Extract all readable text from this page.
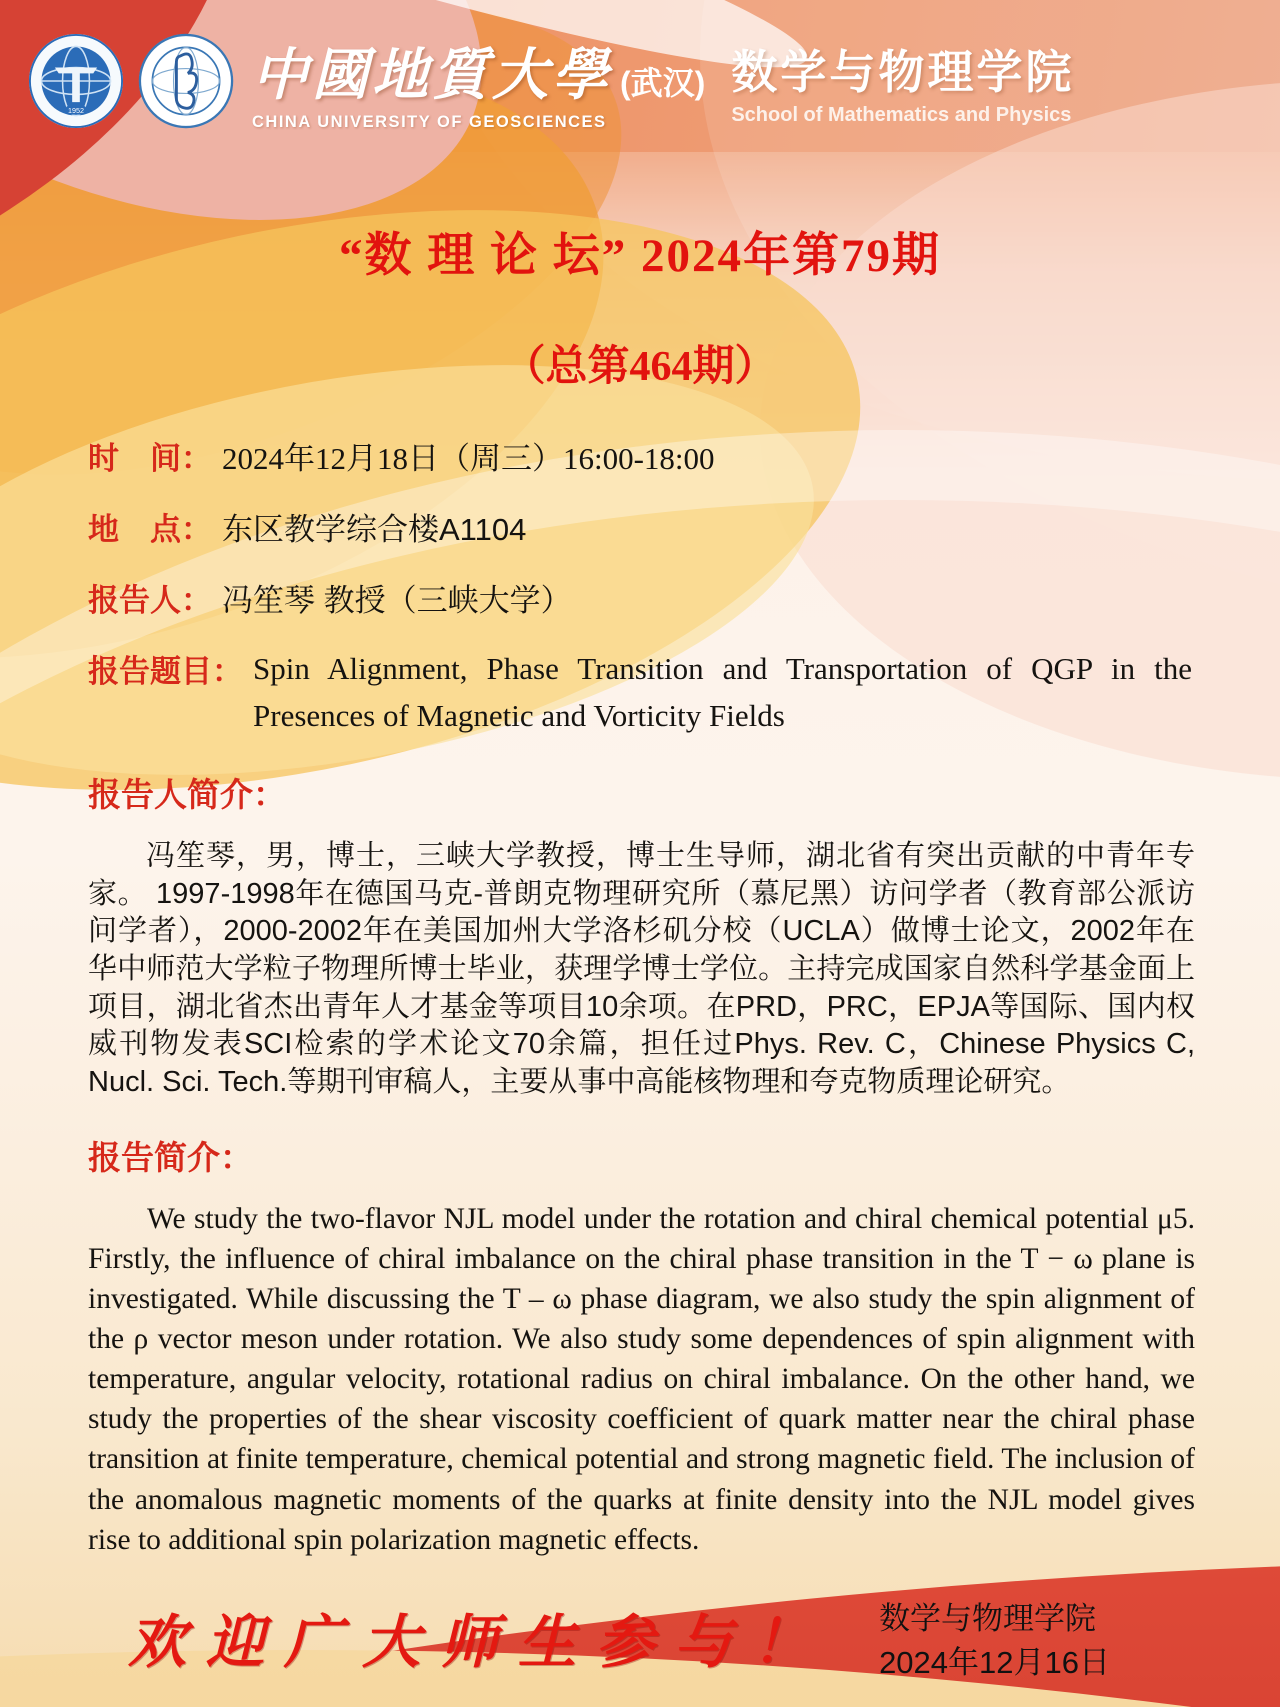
1952
中國地質大學 (武汉)
CHINA UNIVERSITY OF GEOSCIENCES
数学与物理学院
School of Mathematics and Physics
“数 理 论 坛” 2024年第79期
（总第464期）
时　间： 2024年12月18日（周三）16:00-18:00
地　点： 东区教学综合楼A1104
报告人： 冯笙琴 教授（三峡大学）
报告题目： Spin Alignment, Phase Transition and Transportation of QGP in the Presences of Magnetic and Vorticity Fields
报告人简介：

冯笙琴，男，博士，三峡大学教授，博士生导师，湖北省有突出贡献的中青年专家。 1997-1998年在德国马克-普朗克物理研究所（慕尼黑）访问学者（教育部公派访问学者），2000-2002年在美国加州大学洛杉矶分校（UCLA）做博士论文，2002年在华中师范大学粒子物理所博士毕业，获理学博士学位。主持完成国家自然科学基金面上项目，湖北省杰出青年人才基金等项目10余项。在PRD，PRC，EPJA等国际、国内权威刊物发表SCI检索的学术论文70余篇，担任过Phys. Rev. C，Chinese Physics C, Nucl. Sci. Tech.等期刊审稿人，主要从事中高能核物理和夸克物质理论研究。

报告简介：

We study the two-flavor NJL model under the rotation and chiral chemical potential μ5. Firstly, the influence of chiral imbalance on the chiral phase transition in the T − ω plane is investigated. While discussing the T – ω phase diagram, we also study the spin alignment of the ρ vector meson under rotation. We also study some dependences of spin alignment with temperature, angular velocity, rotational radius on chiral imbalance. On the other hand, we study the properties of the shear viscosity coefficient of quark matter near the chiral phase transition at finite temperature, chemical potential and strong magnetic field. The inclusion of the anomalous magnetic moments of the quarks at finite density into the NJL model gives rise to additional spin polarization magnetic effects.

欢迎广大师生参与！ 数学与物理学院
2024年12月16日
